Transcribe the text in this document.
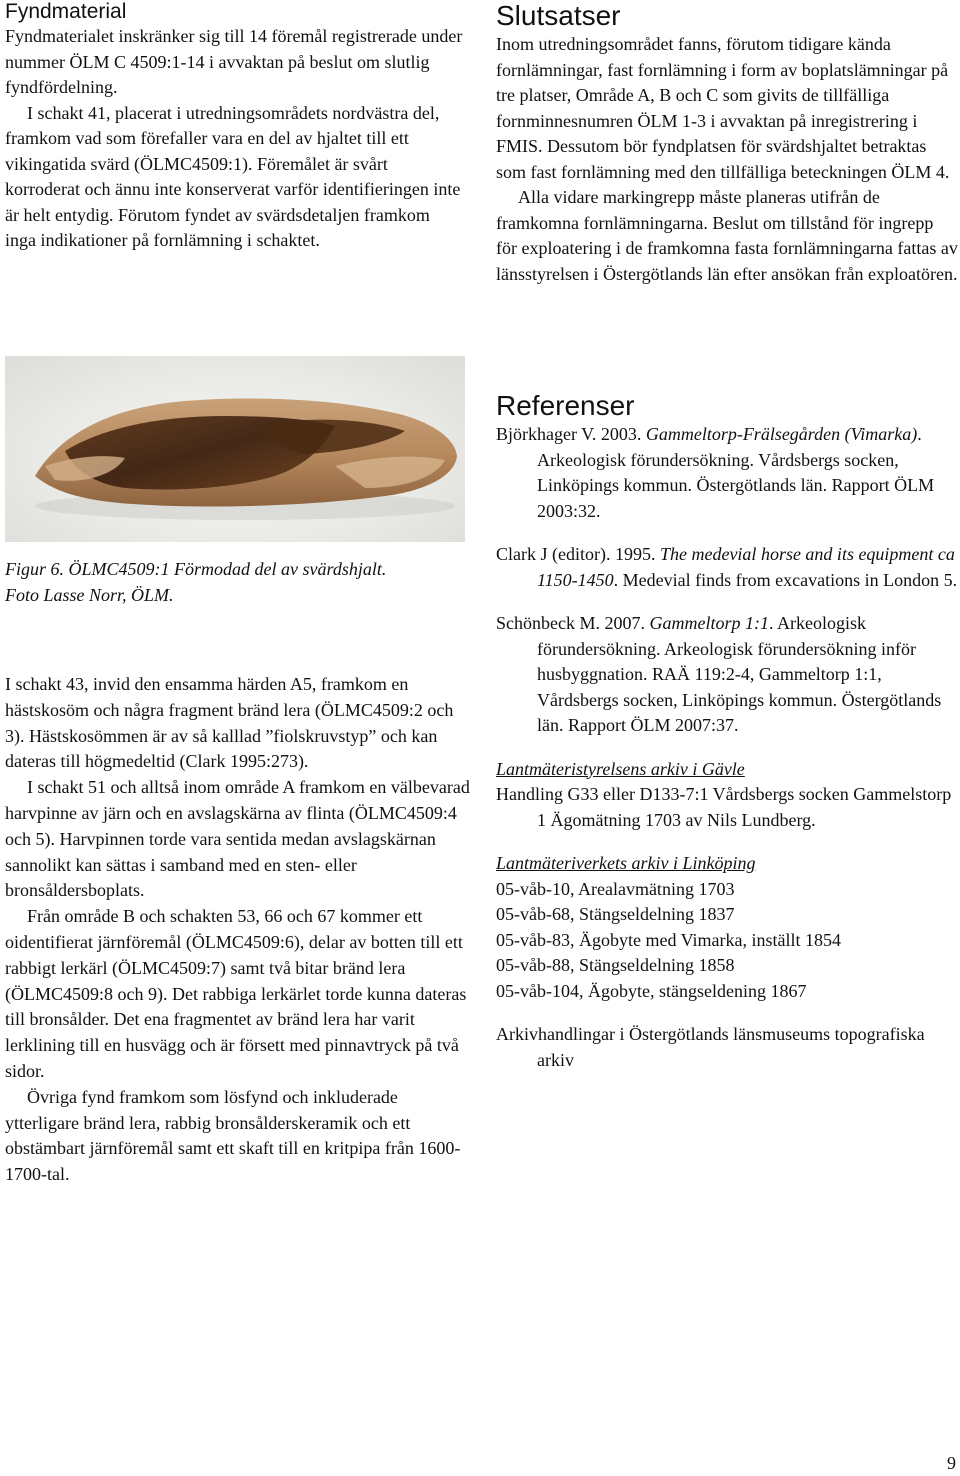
Fyndmaterial

Fyndmaterialet inskränker sig till 14 föremål registrerade under nummer ÖLM C 4509:1-14 i avvaktan på beslut om slutlig fyndfördelning.

I schakt 41, placerat i utredningsområdets nordvästra del, framkom vad som förefaller vara en del av hjaltet till ett vikingatida svärd (ÖLMC4509:1). Föremålet är svårt korroderat och ännu inte konserverat varför identifieringen inte är helt entydig. Förutom fyndet av svärdsdetaljen framkom inga indikationer på fornlämning i schaktet.

Slutsatser

Inom utredningsområdet fanns, förutom tidigare kända fornlämningar, fast fornlämning i form av boplatslämningar på tre platser, Område A, B och C som givits de tillfälliga fornminnesnumren ÖLM 1-3 i avvaktan på inregistrering i FMIS. Dessutom bör fyndplatsen för svärdshjaltet betraktas som fast fornlämning med den tillfälliga beteckningen ÖLM 4.

Alla vidare markingrepp måste planeras utifrån de framkomna fornlämningarna. Beslut om tillstånd för ingrepp för exploatering i de framkomna fasta fornlämningarna fattas av länsstyrelsen i Östergötlands län efter ansökan från exploatören.

Figur 6. ÖLMC4509:1 Förmodad del av svärdshjalt.

Foto Lasse Norr, ÖLM.

I schakt 43, invid den ensamma härden A5, framkom en hästskosöm och några fragment bränd lera (ÖLMC4509:2 och 3). Hästskosömmen är av så kalllad ”fiolskruvstyp” och kan dateras till högmedeltid (Clark 1995:273).

I schakt 51 och alltså inom område A framkom en välbevarad harvpinne av järn och en avslagskärna av flinta (ÖLMC4509:4 och 5). Harvpinnen torde vara sentida medan avslagskärnan sannolikt kan sättas i samband med en sten- eller bronsåldersboplats.

Från område B och schakten 53, 66 och 67 kommer ett oidentifierat järnföremål (ÖLMC4509:6), delar av botten till ett rabbigt lerkärl (ÖLMC4509:7) samt två bitar bränd lera (ÖLMC4509:8 och 9). Det rabbiga lerkärlet torde kunna dateras till bronsålder. Det ena fragmentet av bränd lera har varit lerklining till en husvägg och är försett med pinnavtryck på två sidor.

Övriga fynd framkom som lösfynd och inkluderade ytterligare bränd lera, rabbig bronsålderskeramik och ett obstämbart järnföremål samt ett skaft till en kritpipa från 1600-1700-tal.

Referenser

Björkhager V. 2003. Gammeltorp-Frälsegården (Vimarka). Arkeologisk förundersökning. Vårdsbergs socken, Linköpings kommun. Östergötlands län. Rapport ÖLM 2003:32.

Clark J (editor). 1995. The medevial horse and its equipment ca 1150-1450. Medevial finds from excavations in London 5.

Schönbeck M. 2007. Gammeltorp 1:1. Arkeologisk förundersökning. Arkeologisk förundersökning inför husbyggnation. RAÄ 119:2-4, Gammeltorp 1:1, Vårdsbergs socken, Linköpings kommun. Östergötlands län. Rapport ÖLM 2007:37.

Lantmäteristyrelsens arkiv i Gävle

Handling G33 eller D133-7:1 Vårdsbergs socken Gammelstorp 1 Ägomätning 1703 av Nils Lundberg.

Lantmäteriverkets arkiv i Linköping

05-våb-10, Arealavmätning 1703

05-våb-68, Stängseldelning 1837

05-våb-83, Ägobyte med Vimarka, inställt 1854

05-våb-88, Stängseldelning 1858

05-våb-104, Ägobyte, stängseldening 1867

Arkivhandlingar i Östergötlands länsmuseums topografiska arkiv

9
